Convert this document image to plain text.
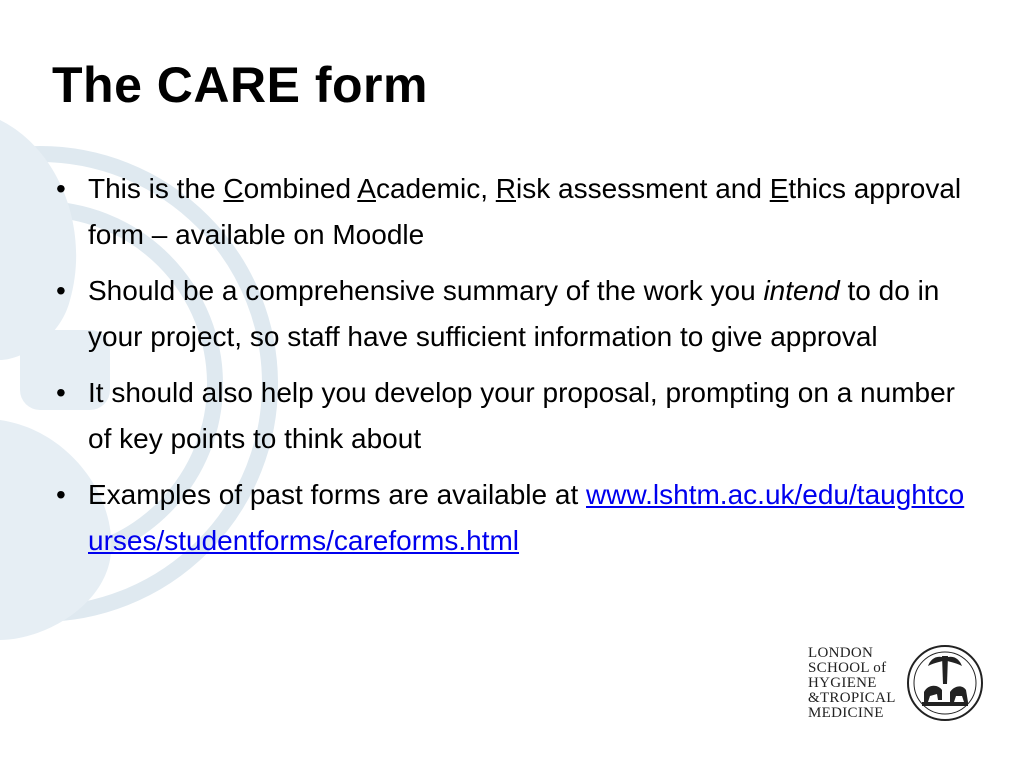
The CARE form
• This is the Combined Academic, Risk assessment and Ethics approval form – available on Moodle
• Should be a comprehensive summary of the work you intend to do in your project, so staff have sufficient information to give approval
• It should also help you develop your proposal, prompting on a number of key points to think about
• Examples of past forms are available at www.lshtm.ac.uk/edu/taughtcourses/studentforms/careforms.html
LONDON
SCHOOL of
HYGIENE
&TROPICAL
MEDICINE
